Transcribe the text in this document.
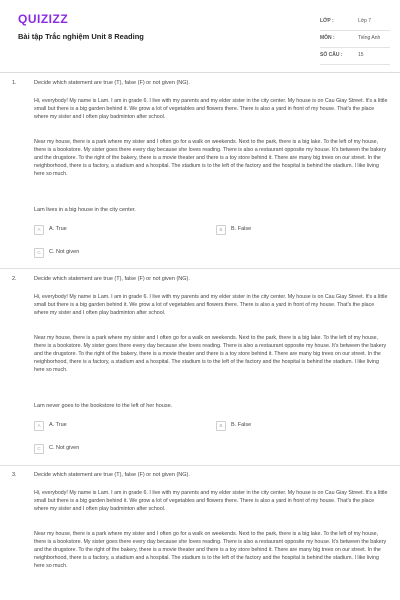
QUIZIZZ
Bài tập Trắc nghiệm Unit 8 Reading
LỚP :	Lớp 7
MÔN :	Tiếng Anh
SỐ CÂU :	15
1.	Decide which statement are true (T), false (F) or not given (NG).
Hi, everybody! My name is Lam. I am in grade 6. I live with my parents and my elder sister in the city center. My house is on Cau Giay Street. It's a little small but there is a big garden behind it. We grow a lot of vegetables and flowers there. There is also a yard in front of my house. That's the place where my sister and I often play badminton after school.
Near my house, there is a park where my sister and I often go for a walk on weekends. Next to the park, there is a big lake. To the left of my house, there is a bookstore. My sister goes there every day because she loves reading. There is also a restaurant opposite my house. It's between the bakery and the drugstore. To the right of the bakery, there is a movie theater and there is a toy store behind it. There are many big trees on our street. In the neighborhood, there is a factory, a stadium and a hospital. The stadium is to the left of the factory and the hospital is behind the stadium. I like living here so much.
Lam lives in a big house in the city center.
A	A. True	B	B. False
C	C. Not given
2.	Decide which statement are true (T), false (F) or not given (NG).
Hi, everybody! My name is Lam. I am in grade 6. I live with my parents and my elder sister in the city center. My house is on Cau Giay Street. It's a little small but there is a big garden behind it. We grow a lot of vegetables and flowers there. There is also a yard in front of my house. That's the place where my sister and I often play badminton after school.
Near my house, there is a park where my sister and I often go for a walk on weekends. Next to the park, there is a big lake. To the left of my house, there is a bookstore. My sister goes there every day because she loves reading. There is also a restaurant opposite my house. It's between the bakery and the drugstore. To the right of the bakery, there is a movie theater and there is a toy store behind it. There are many big trees on our street. In the neighborhood, there is a factory, a stadium and a hospital. The stadium is to the left of the factory and the hospital is behind the stadium. I like living here so much.
Lam never goes to the bookstore to the left of her house.
A	A. True	B	B. False
C	C. Not given
3.	Decide which statement are true (T), false (F) or not given (NG).
Hi, everybody! My name is Lam. I am in grade 6. I live with my parents and my elder sister in the city center. My house is on Cau Giay Street. It's a little small but there is a big garden behind it. We grow a lot of vegetables and flowers there. There is also a yard in front of my house. That's the place where my sister and I often play badminton after school.
Near my house, there is a park where my sister and I often go for a walk on weekends. Next to the park, there is a big lake. To the left of my house, there is a bookstore. My sister goes there every day because she loves reading. There is also a restaurant opposite my house. It's between the bakery and the drugstore. To the right of the bakery, there is a movie theater and there is a toy store behind it. There are many big trees on our street. In the neighborhood, there is a factory, a stadium and a hospital. The stadium is to the left of the factory and the hospital is behind the stadium. I like living here so much.
